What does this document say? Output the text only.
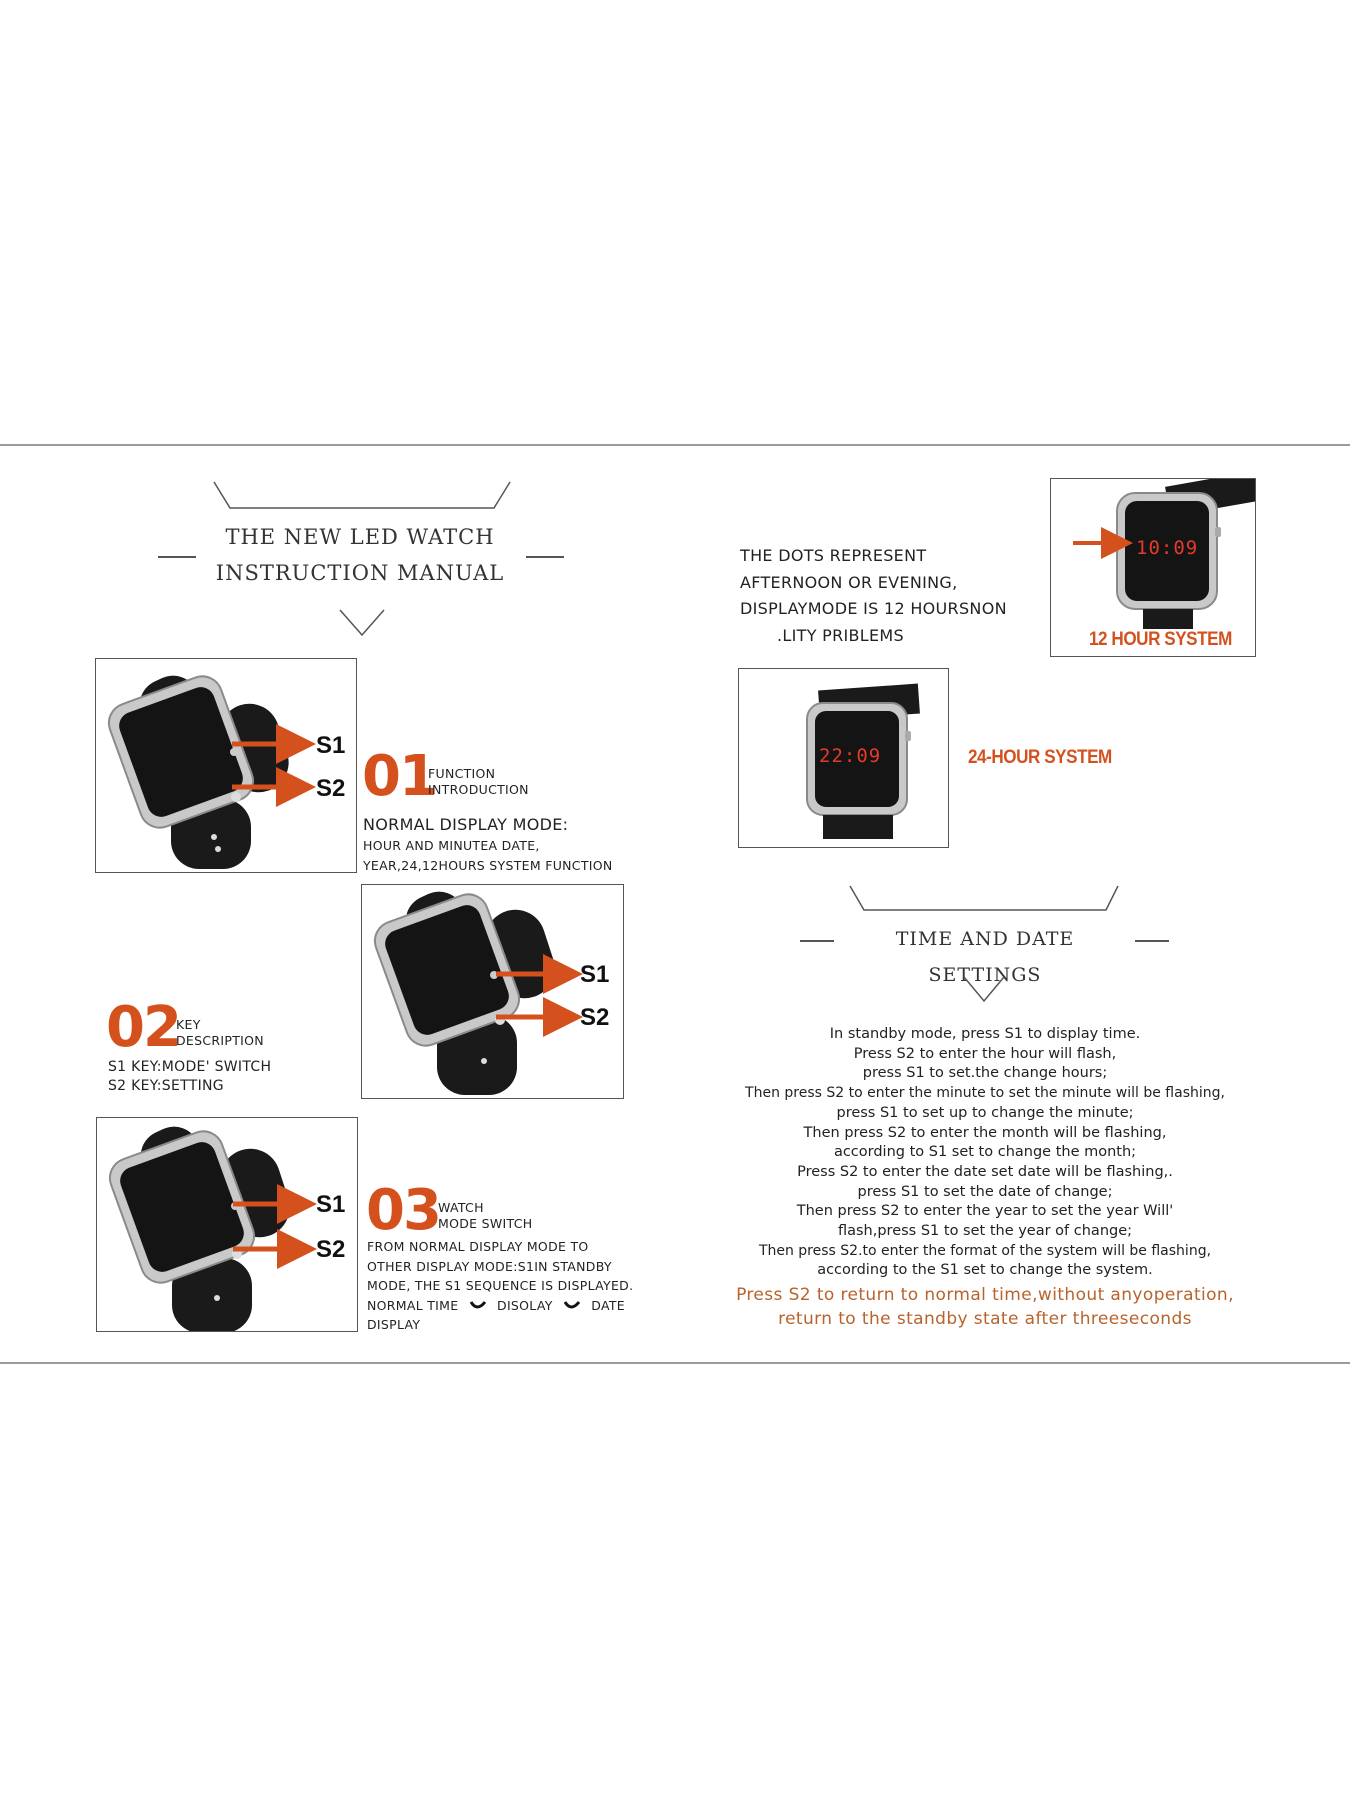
THE NEW LED WATCH
INSTRUCTION MANUAL
S1
S2 01
FUNCTION
INTRODUCTION
NORMAL DISPLAY MODE:
HOUR AND MINUTEA DATE,
YEAR,24,12HOURS SYSTEM FUNCTION
S1
S2
02
KEY
DESCRIPTION
S1 KEY:MODE' SWITCH
S2 KEY:SETTING
S1
S2
03
WATCH
MODE SWITCH
FROM NORMAL DISPLAY MODE TO
OTHER DISPLAY MODE:S1IN STANDBY
MODE, THE S1 SEQUENCE IS DISPLAYED.
NORMAL TIME	DISOLAY	DATE
DISPLAY
THE DOTS REPRESENT
AFTERNOON OR EVENING,
DISPLAYMODE IS 12 HOURSNON
.LITY PRIBLEMS
10:09
12 HOUR SYSTEM
22:09	24-HOUR SYSTEM
TIME AND DATE SETTINGS
In standby mode, press S1 to display time.
Press S2 to enter the hour will flash,
press S1 to set.the change hours;
Then press S2 to enter the minute to set the minute will be flashing,
press S1 to set up to change the minute;
Then press S2 to enter the month will be flashing,
according to S1 set to change the month;
Press S2 to enter the date set date will be flashing,.
press S1 to set the date of change;
Then press S2 to enter the year to set the year Will'
flash,press S1 to set the year of change;
Then press S2.to enter the format of the system will be flashing,
according to the S1 set to change the system.
Press S2 to return to normal time,without anyoperation,
return to the standby state after threeseconds
